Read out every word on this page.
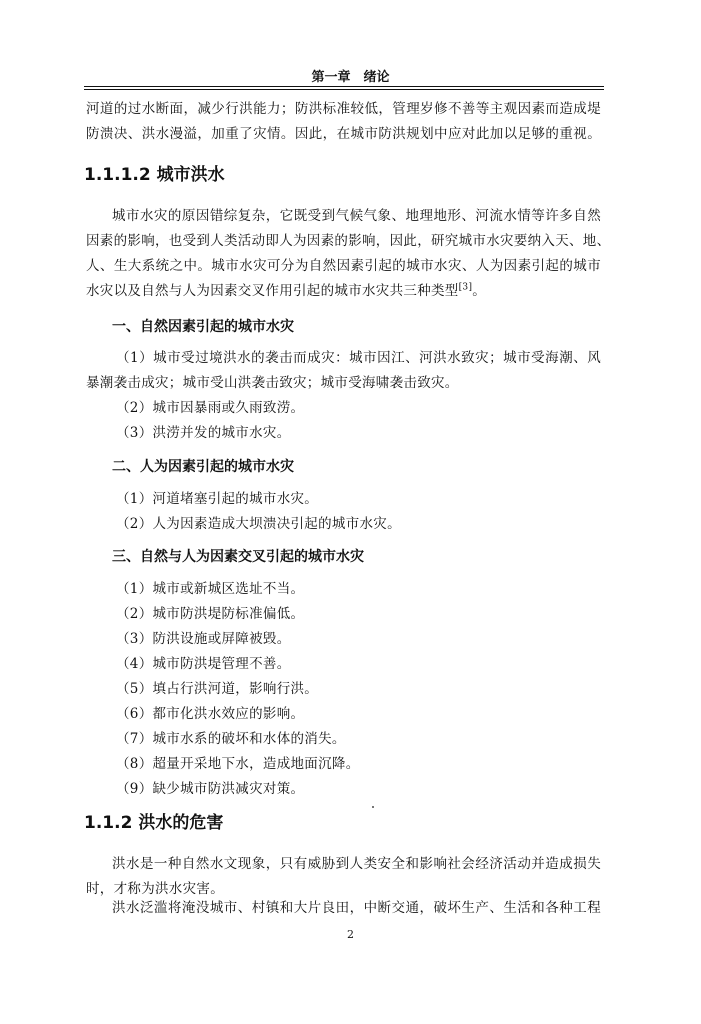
第一章　绪论
河道的过水断面，减少行洪能力；防洪标准较低，管理岁修不善等主观因素而造成堤
防溃决、洪水漫溢，加重了灾情。因此，在城市防洪规划中应对此加以足够的重视。
1.1.1.2 城市洪水
城市水灾的原因错综复杂，它既受到气候气象、地理地形、河流水情等许多自然
因素的影响，也受到人类活动即人为因素的影响，因此，研究城市水灾要纳入天、地、
人、生大系统之中。城市水灾可分为自然因素引起的城市水灾、人为因素引起的城市
水灾以及自然与人为因素交叉作用引起的城市水灾共三种类型[3]。
一、自然因素引起的城市水灾
（1）城市受过境洪水的袭击而成灾：城市因江、河洪水致灾；城市受海潮、风
暴潮袭击成灾；城市受山洪袭击致灾；城市受海啸袭击致灾。
（2）城市因暴雨或久雨致涝。
（3）洪涝并发的城市水灾。
二、人为因素引起的城市水灾
（1）河道堵塞引起的城市水灾。
（2）人为因素造成大坝溃决引起的城市水灾。
三、自然与人为因素交叉引起的城市水灾
（1）城市或新城区选址不当。
（2）城市防洪堤防标准偏低。
（3）防洪设施或屏障被毁。
（4）城市防洪堤管理不善。
（5）填占行洪河道，影响行洪。
（6）都市化洪水效应的影响。
（7）城市水系的破坏和水体的消失。
（8）超量开采地下水，造成地面沉降。
（9）缺少城市防洪减灾对策。
1.1.2 洪水的危害
洪水是一种自然水文现象，只有威胁到人类安全和影响社会经济活动并造成损失
时，才称为洪水灾害。
洪水泛滥将淹没城市、村镇和大片良田，中断交通，破坏生产、生活和各种工程
2
